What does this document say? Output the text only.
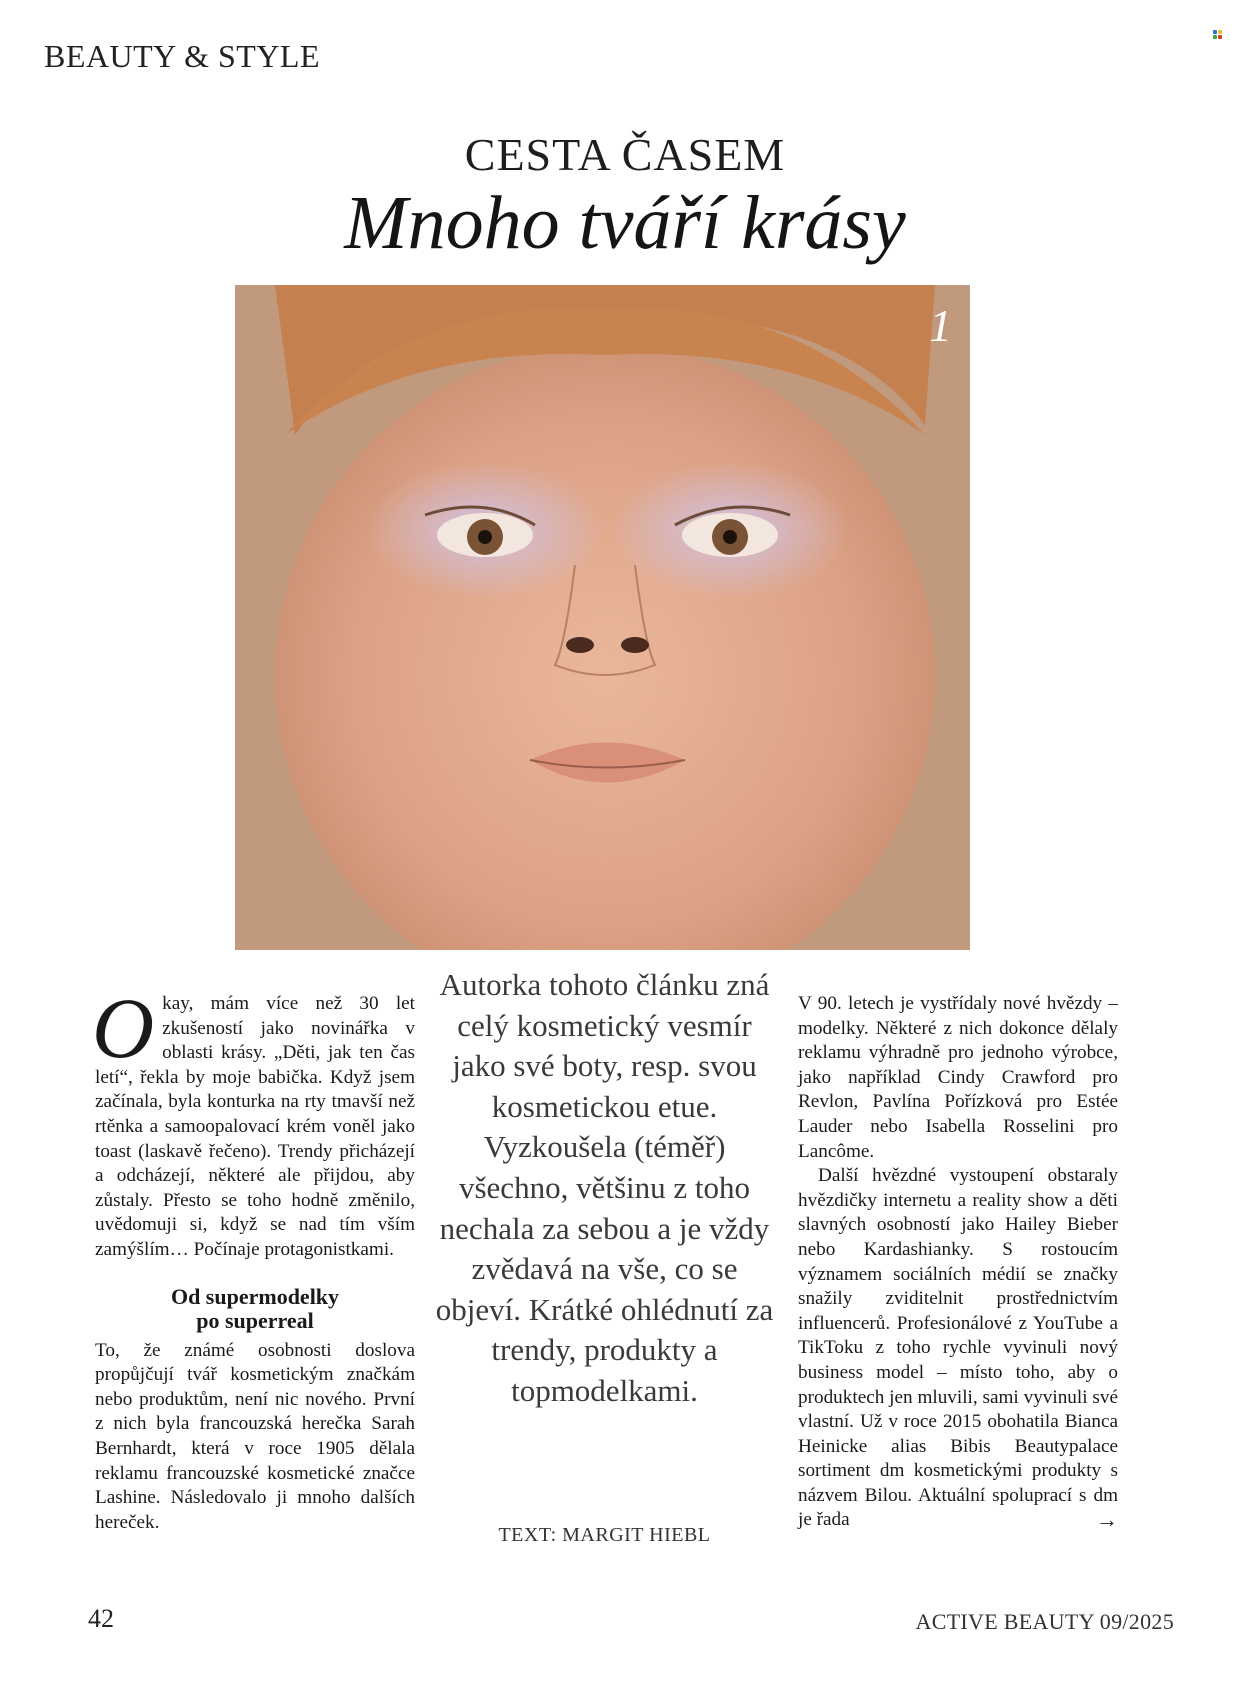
BEAUTY & STYLE
CESTA ČASEM
Mnoho tváří krásy
1

Okay, mám více než 30 let zkušeností jako novinářka v oblasti krásy. „Děti, jak ten čas letí“, řekla by moje babička. Když jsem začínala, byla konturka na rty tmavší než rtěnka a samoopalovací krém voněl jako toast (laskavě řečeno). Trendy přicházejí a odcházejí, některé ale přijdou, aby zůstaly. Přesto se toho hodně změnilo, uvědomuji si, když se nad tím vším zamýšlím… Počínaje protagonistkami.

Od supermodelky
po superreal

To, že známé osobnosti doslova propůjčují tvář kosmetickým značkám nebo produktům, není nic nového. První z nich byla francouzská herečka Sarah Bernhardt, která v roce 1905 dělala reklamu francouzské kosmetické značce Lashine. Následovalo ji mnoho dalších hereček.

Autorka tohoto článku zná celý kosmetický vesmír jako své boty, resp. svou kosmetickou etue. Vyzkoušela (téměř) všechno, většinu z toho nechala za sebou a je vždy zvědavá na vše, co se objeví. Krátké ohlédnutí za trendy, produkty a topmodelkami.
TEXT: MARGIT HIEBL

V 90. letech je vystřídaly nové hvězdy – modelky. Některé z nich dokonce dělaly reklamu výhradně pro jednoho výrobce, jako například Cindy Crawford pro Revlon, Pavlína Pořízková pro Estée Lauder nebo Isabella Rosselini pro Lancôme.

Další hvězdné vystoupení obstaraly hvězdičky internetu a reality show a děti slavných osobností jako Hailey Bieber nebo Kardashianky. S rostoucím významem sociálních médií se značky snažily zviditelnit prostřednictvím influencerů. Profesionálové z YouTube a TikToku z toho rychle vyvinuli nový business model – místo toho, aby o produktech jen mluvili, sami vyvinuli své vlastní. Už v roce 2015 obohatila Bianca Heinicke alias Bibis Beautypalace sortiment dm kosmetickými produkty s názvem Bilou. Aktuální spoluprací s dm je řada	→

42	ACTIVE BEAUTY 09/2025
